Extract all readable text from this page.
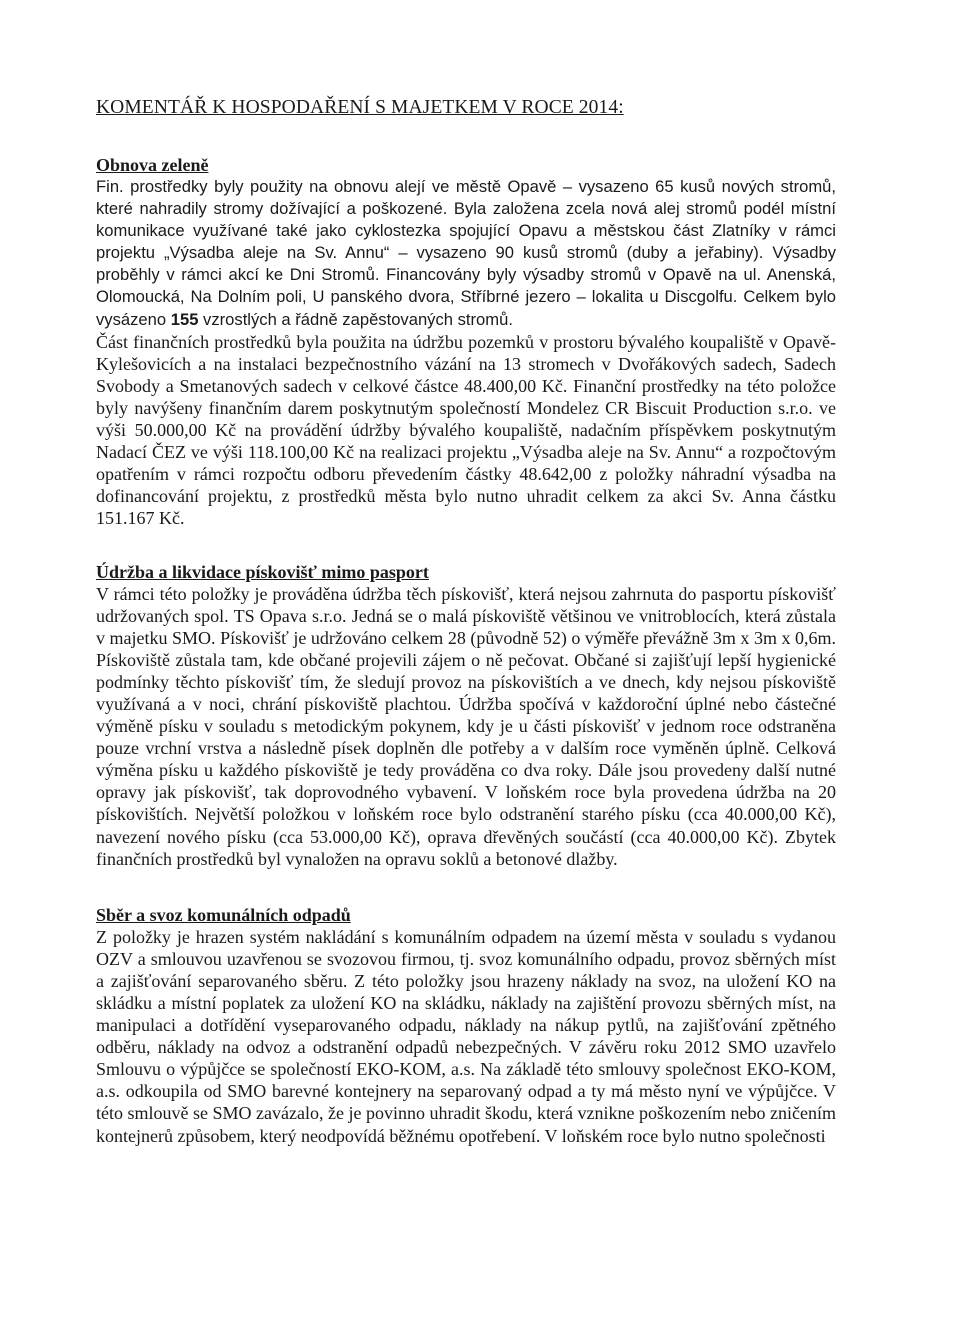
KOMENTÁŘ K HOSPODAŘENÍ S MAJETKEM V ROCE 2014:
Obnova zeleně

Fin. prostředky byly použity na obnovu alejí ve městě Opavě – vysazeno 65 kusů nových stromů, které nahradily stromy dožívající a poškozené. Byla založena zcela nová alej stromů podél místní komunikace využívané také jako cyklostezka spojující Opavu a městskou část Zlatníky v rámci projektu „Výsadba aleje na Sv. Annu“ – vysazeno 90 kusů stromů (duby a jeřabiny). Výsadby proběhly v rámci akcí ke Dni Stromů. Financovány byly výsadby stromů v Opavě na ul. Anenská, Olomoucká, Na Dolním poli, U panského dvora, Stříbrné jezero – lokalita u Discgolfu. Celkem bylo vysázeno 155 vzrostlých a řádně zapěstovaných stromů.

Část finančních prostředků byla použita na údržbu pozemků v prostoru bývalého koupaliště v Opavě-Kylešovicích a na instalaci bezpečnostního vázání na 13 stromech v Dvořákových sadech, Sadech Svobody a Smetanových sadech v celkové částce 48.400,00 Kč. Finanční prostředky na této položce byly navýšeny finančním darem poskytnutým společností Mondelez CR Biscuit Production s.r.o. ve výši 50.000,00 Kč na provádění údržby bývalého koupaliště, nadačním příspěvkem poskytnutým Nadací ČEZ ve výši 118.100,00 Kč na realizaci projektu „Výsadba aleje na Sv. Annu“ a rozpočtovým opatřením v rámci rozpočtu odboru převedením částky 48.642,00 z položky náhradní výsadba na dofinancování projektu, z prostředků města bylo nutno uhradit celkem za akci Sv. Anna částku 151.167 Kč.

Údržba a likvidace pískovišť mimo pasport

V rámci této položky je prováděna údržba těch pískovišť, která nejsou zahrnuta do pasportu pískovišť udržovaných spol. TS Opava s.r.o. Jedná se o malá pískoviště většinou ve vnitroblocích, která zůstala v majetku SMO. Pískovišť je udržováno celkem 28 (původně 52) o výměře převážně 3m x 3m x 0,6m. Pískoviště zůstala tam, kde občané projevili zájem o ně pečovat. Občané si zajišťují lepší hygienické podmínky těchto pískovišť tím, že sledují provoz na pískovištích a ve dnech, kdy nejsou pískoviště využívaná a v noci, chrání pískoviště plachtou. Údržba spočívá v každoroční úplné nebo částečné výměně písku v souladu s metodickým pokynem, kdy je u části pískovišť v jednom roce odstraněna pouze vrchní vrstva a následně písek doplněn dle potřeby a v dalším roce vyměněn úplně. Celková výměna písku u každého pískoviště je tedy prováděna co dva roky. Dále jsou provedeny další nutné opravy jak pískovišť, tak doprovodného vybavení. V loňském roce byla provedena údržba na 20 pískovištích. Největší položkou v loňském roce bylo odstranění starého písku (cca 40.000,00 Kč), navezení nového písku (cca 53.000,00 Kč), oprava dřevěných součástí (cca 40.000,00 Kč). Zbytek finančních prostředků byl vynaložen na opravu soklů a betonové dlažby.

Sběr a svoz komunálních odpadů

Z položky je hrazen systém nakládání s komunálním odpadem na území města v souladu s vydanou OZV a smlouvou uzavřenou se svozovou firmou, tj. svoz komunálního odpadu, provoz sběrných míst a zajišťování separovaného sběru. Z této položky jsou hrazeny náklady na svoz, na uložení KO na skládku a místní poplatek za uložení KO na skládku, náklady na zajištění provozu sběrných míst, na manipulaci a dotřídění vyseparovaného odpadu, náklady na nákup pytlů, na zajišťování zpětného odběru, náklady na odvoz a odstranění odpadů nebezpečných. V závěru roku 2012 SMO uzavřelo Smlouvu o výpůjčce se společností EKO-KOM, a.s. Na základě této smlouvy společnost EKO-KOM, a.s. odkoupila od SMO barevné kontejnery na separovaný odpad a ty má město nyní ve výpůjčce. V této smlouvě se SMO zavázalo, že je povinno uhradit škodu, která vznikne poškozením nebo zničením kontejnerů způsobem, který neodpovídá běžnému opotřebení. V loňském roce bylo nutno společnosti
